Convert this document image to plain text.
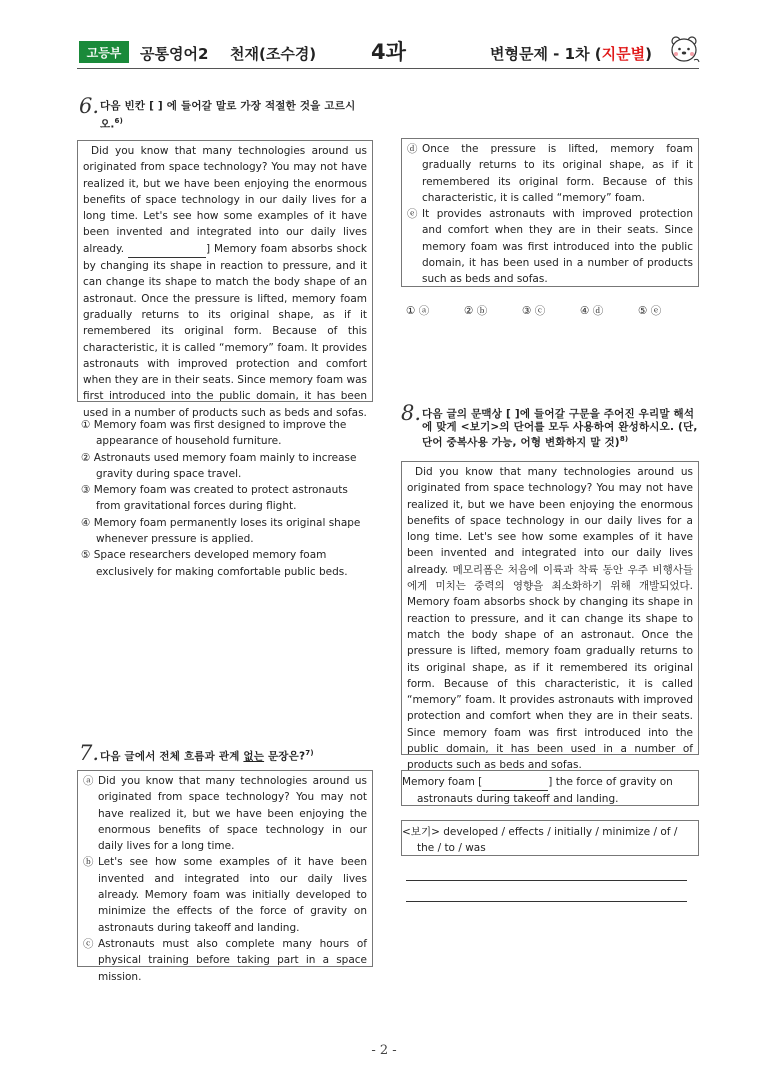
고등부	공통영어2 천재(조수경)	4과	변형문제 - 1차 (지문별)
6. 다음 빈칸 [ ] 에 들어갈 말로 가장 적절한 것을 고르시오.$^{6)}$
Did you know that many technologies around us originated from space technology? You may not have realized it, but we have been enjoying the enormous benefits of space technology in our daily lives for a long time. Let's see how some examples of it have been invented and integrated into our daily lives already.	] Memory foam absorbs shock by changing its shape in reaction to pressure, and it can change its shape to match the body shape of an astronaut. Once the pressure is lifted, memory foam gradually returns to its original shape, as if it remembered its original form. Because of this characteristic, it is called “memory” foam. It provides astronauts with improved protection and comfort when they are in their seats. Since memory foam was first introduced into the public domain, it has been used in a number of products such as beds and sofas.
① Memory foam was first designed to improve the appearance of household furniture.
② Astronauts used memory foam mainly to increase gravity during space travel.
③ Memory foam was created to protect astronauts from gravitational forces during flight.
④ Memory foam permanently loses its original shape whenever pressure is applied.
⑤ Space researchers developed memory foam exclusively for making comfortable public beds.
7. 다음 글에서 전체 흐름과 관계 없는 문장은?$^{7)}$
ⓐ Did you know that many technologies around us originated from space technology? You may not have realized it, but we have been enjoying the enormous benefits of space technology in our daily lives for a long time.
ⓑ Let's see how some examples of it have been invented and integrated into our daily lives already. Memory foam was initially developed to minimize the effects of the force of gravity on astronauts during takeoff and landing.
ⓒ Astronauts must also complete many hours of physical training before taking part in a space mission.
ⓓ Once the pressure is lifted, memory foam gradually returns to its original shape, as if it remembered its original form. Because of this characteristic, it is called “memory” foam.
ⓔ It provides astronauts with improved protection and comfort when they are in their seats. Since memory foam was first introduced into the public domain, it has been used in a number of products such as beds and sofas.
① ⓐ	② ⓑ	③ ⓒ	④ ⓓ	⑤ ⓔ
8. 다음 글의 문맥상 [ ]에 들어갈 구문을 주어진 우리말 해석에 맞게 <보기>의 단어를 모두 사용하여 완성하시오. (단, 단어 중복사용 가능, 어형 변화하지 말 것)$^{8)}$
Did you know that many technologies around us originated from space technology? You may not have realized it, but we have been enjoying the enormous benefits of space technology in our daily lives for a long time. Let's see how some examples of it have been invented and integrated into our daily lives already. 메모리폼은 처음에 이륙과 착륙 동안 우주 비행사들에게 미치는 중력의 영향을 최소화하기 위해 개발되었다. Memory foam absorbs shock by changing its shape in reaction to pressure, and it can change its shape to match the body shape of an astronaut. Once the pressure is lifted, memory foam gradually returns to its original shape, as if it remembered its original form. Because of this characteristic, it is called “memory” foam. It provides astronauts with improved protection and comfort when they are in their seats. Since memory foam was first introduced into the public domain, it has been used in a number of products such as beds and sofas.
Memory foam [	] the force of gravity on astronauts during takeoff and landing.
<보기> developed / effects / initially / minimize / of / the / to / was
- 2 -
